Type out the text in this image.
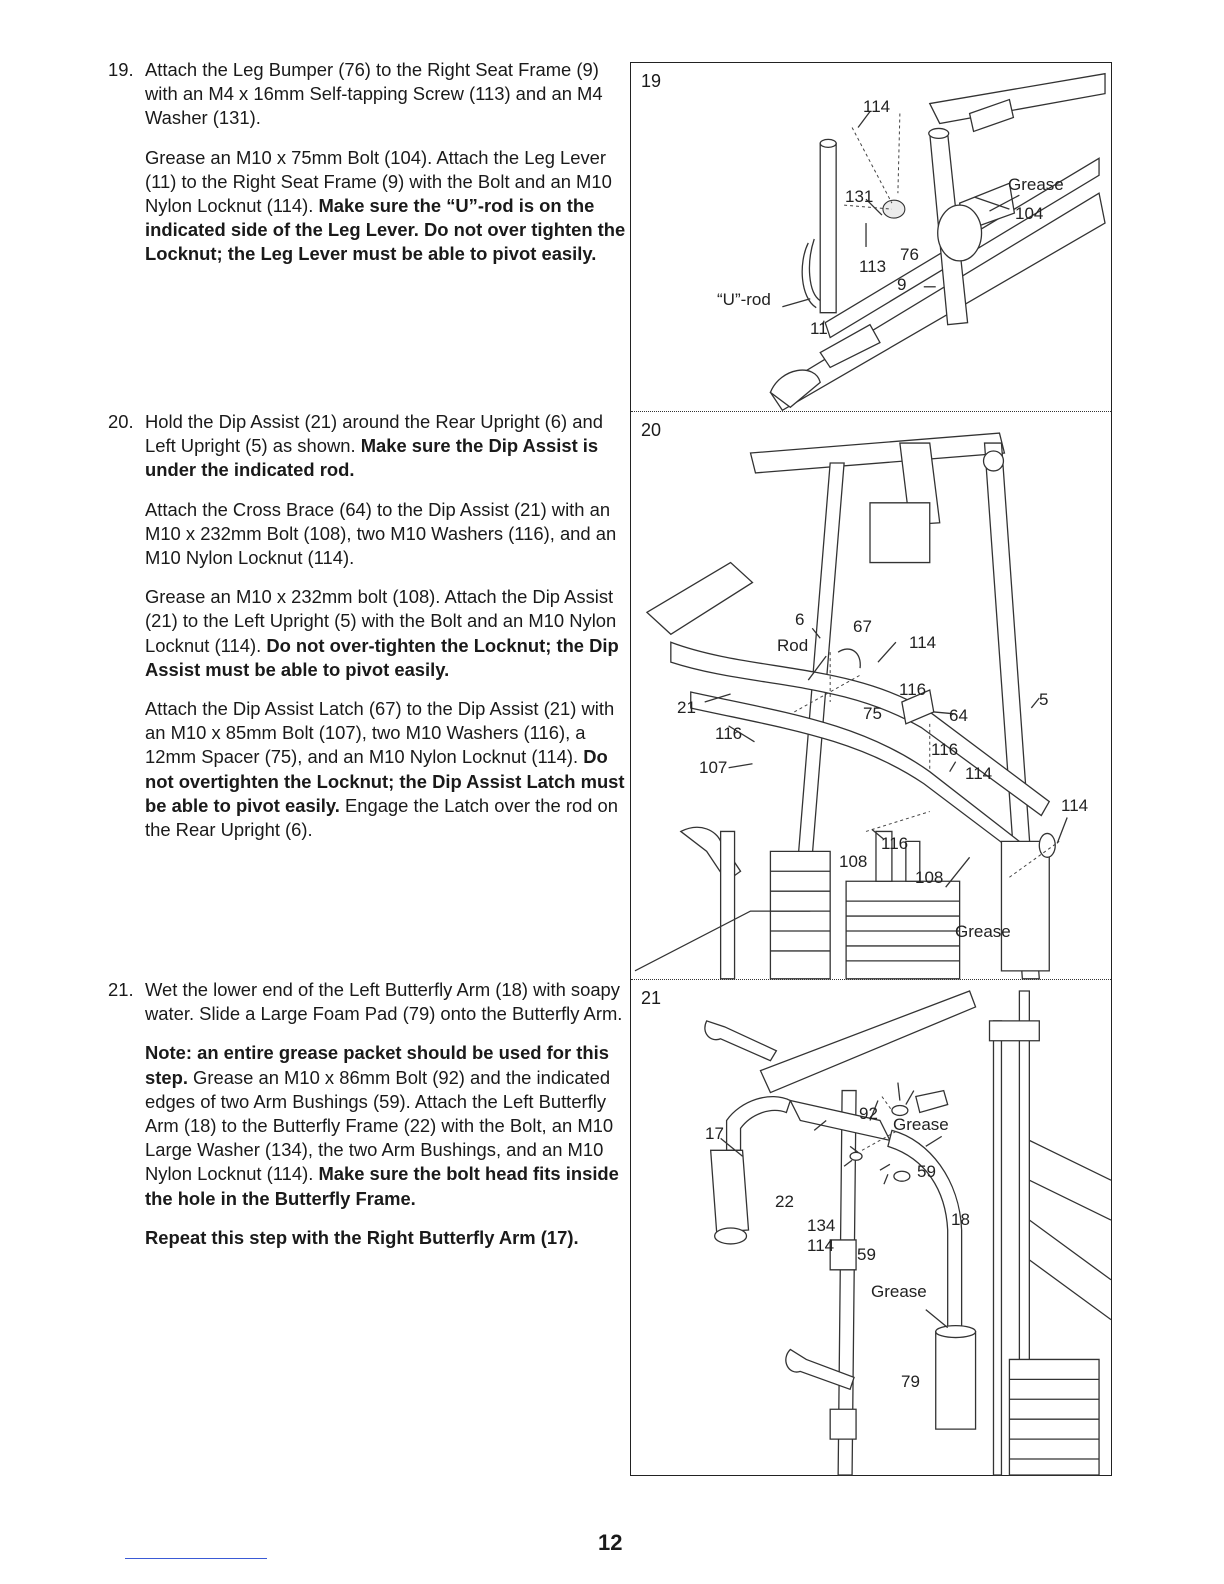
19. Attach the Leg Bumper (76) to the Right Seat Frame (9) with an M4 x 16mm Self-tapping Screw (113) and an M4 Washer (131).

Grease an M10 x 75mm Bolt (104). Attach the Leg Lever (11) to the Right Seat Frame (9) with the Bolt and an M10 Nylon Locknut (114). Make sure the “U”-rod is on the indicated side of the Leg Lever. Do not over tighten the Locknut; the Leg Lever must be able to pivot easily.

20. Hold the Dip Assist (21) around the Rear Upright (6) and Left Upright (5) as shown. Make sure the Dip Assist is under the indicated rod.

Attach the Cross Brace (64) to the Dip Assist (21) with an M10 x 232mm Bolt (108), two M10 Washers (116), and an M10 Nylon Locknut (114).

Grease an M10 x 232mm bolt (108). Attach the Dip Assist (21) to the Left Upright (5) with the Bolt and an M10 Nylon Locknut (114). Do not over-tighten the Locknut; the Dip Assist must be able to pivot easily.

Attach the Dip Assist Latch (67) to the Dip Assist (21) with an M10 x 85mm Bolt (107), two M10 Washers (116), a 12mm Spacer (75), and an M10 Nylon Locknut (114). Do not overtighten the Locknut; the Dip Assist Latch must be able to pivot easily. Engage the Latch over the rod on the Rear Upright (6).

21. Wet the lower end of the Left Butterfly Arm (18) with soapy water. Slide a Large Foam Pad (79) onto the Butterfly Arm.

Note: an entire grease packet should be used for this step. Grease an M10 x 86mm Bolt (92) and the indicated edges of two Arm Bushings (59). Attach the Left Butterfly Arm (18) to the Butterfly Frame (22) with the Bolt, an M10 Large Washer (134), the two Arm Bushings, and an M10 Nylon Locknut (114). Make sure the bolt head fits inside the hole in the Butterfly Frame.

Repeat this step with the Right Butterfly Arm (17).

19
114
Grease
104
131
76
113
9
“U”-rod
11
20
6
Rod
67
114
116
21	75	64
5
116
116
107	114
114
116
108
108
Grease
21
92
Grease
17
59
22
134	18
114 59
Grease
79
12
